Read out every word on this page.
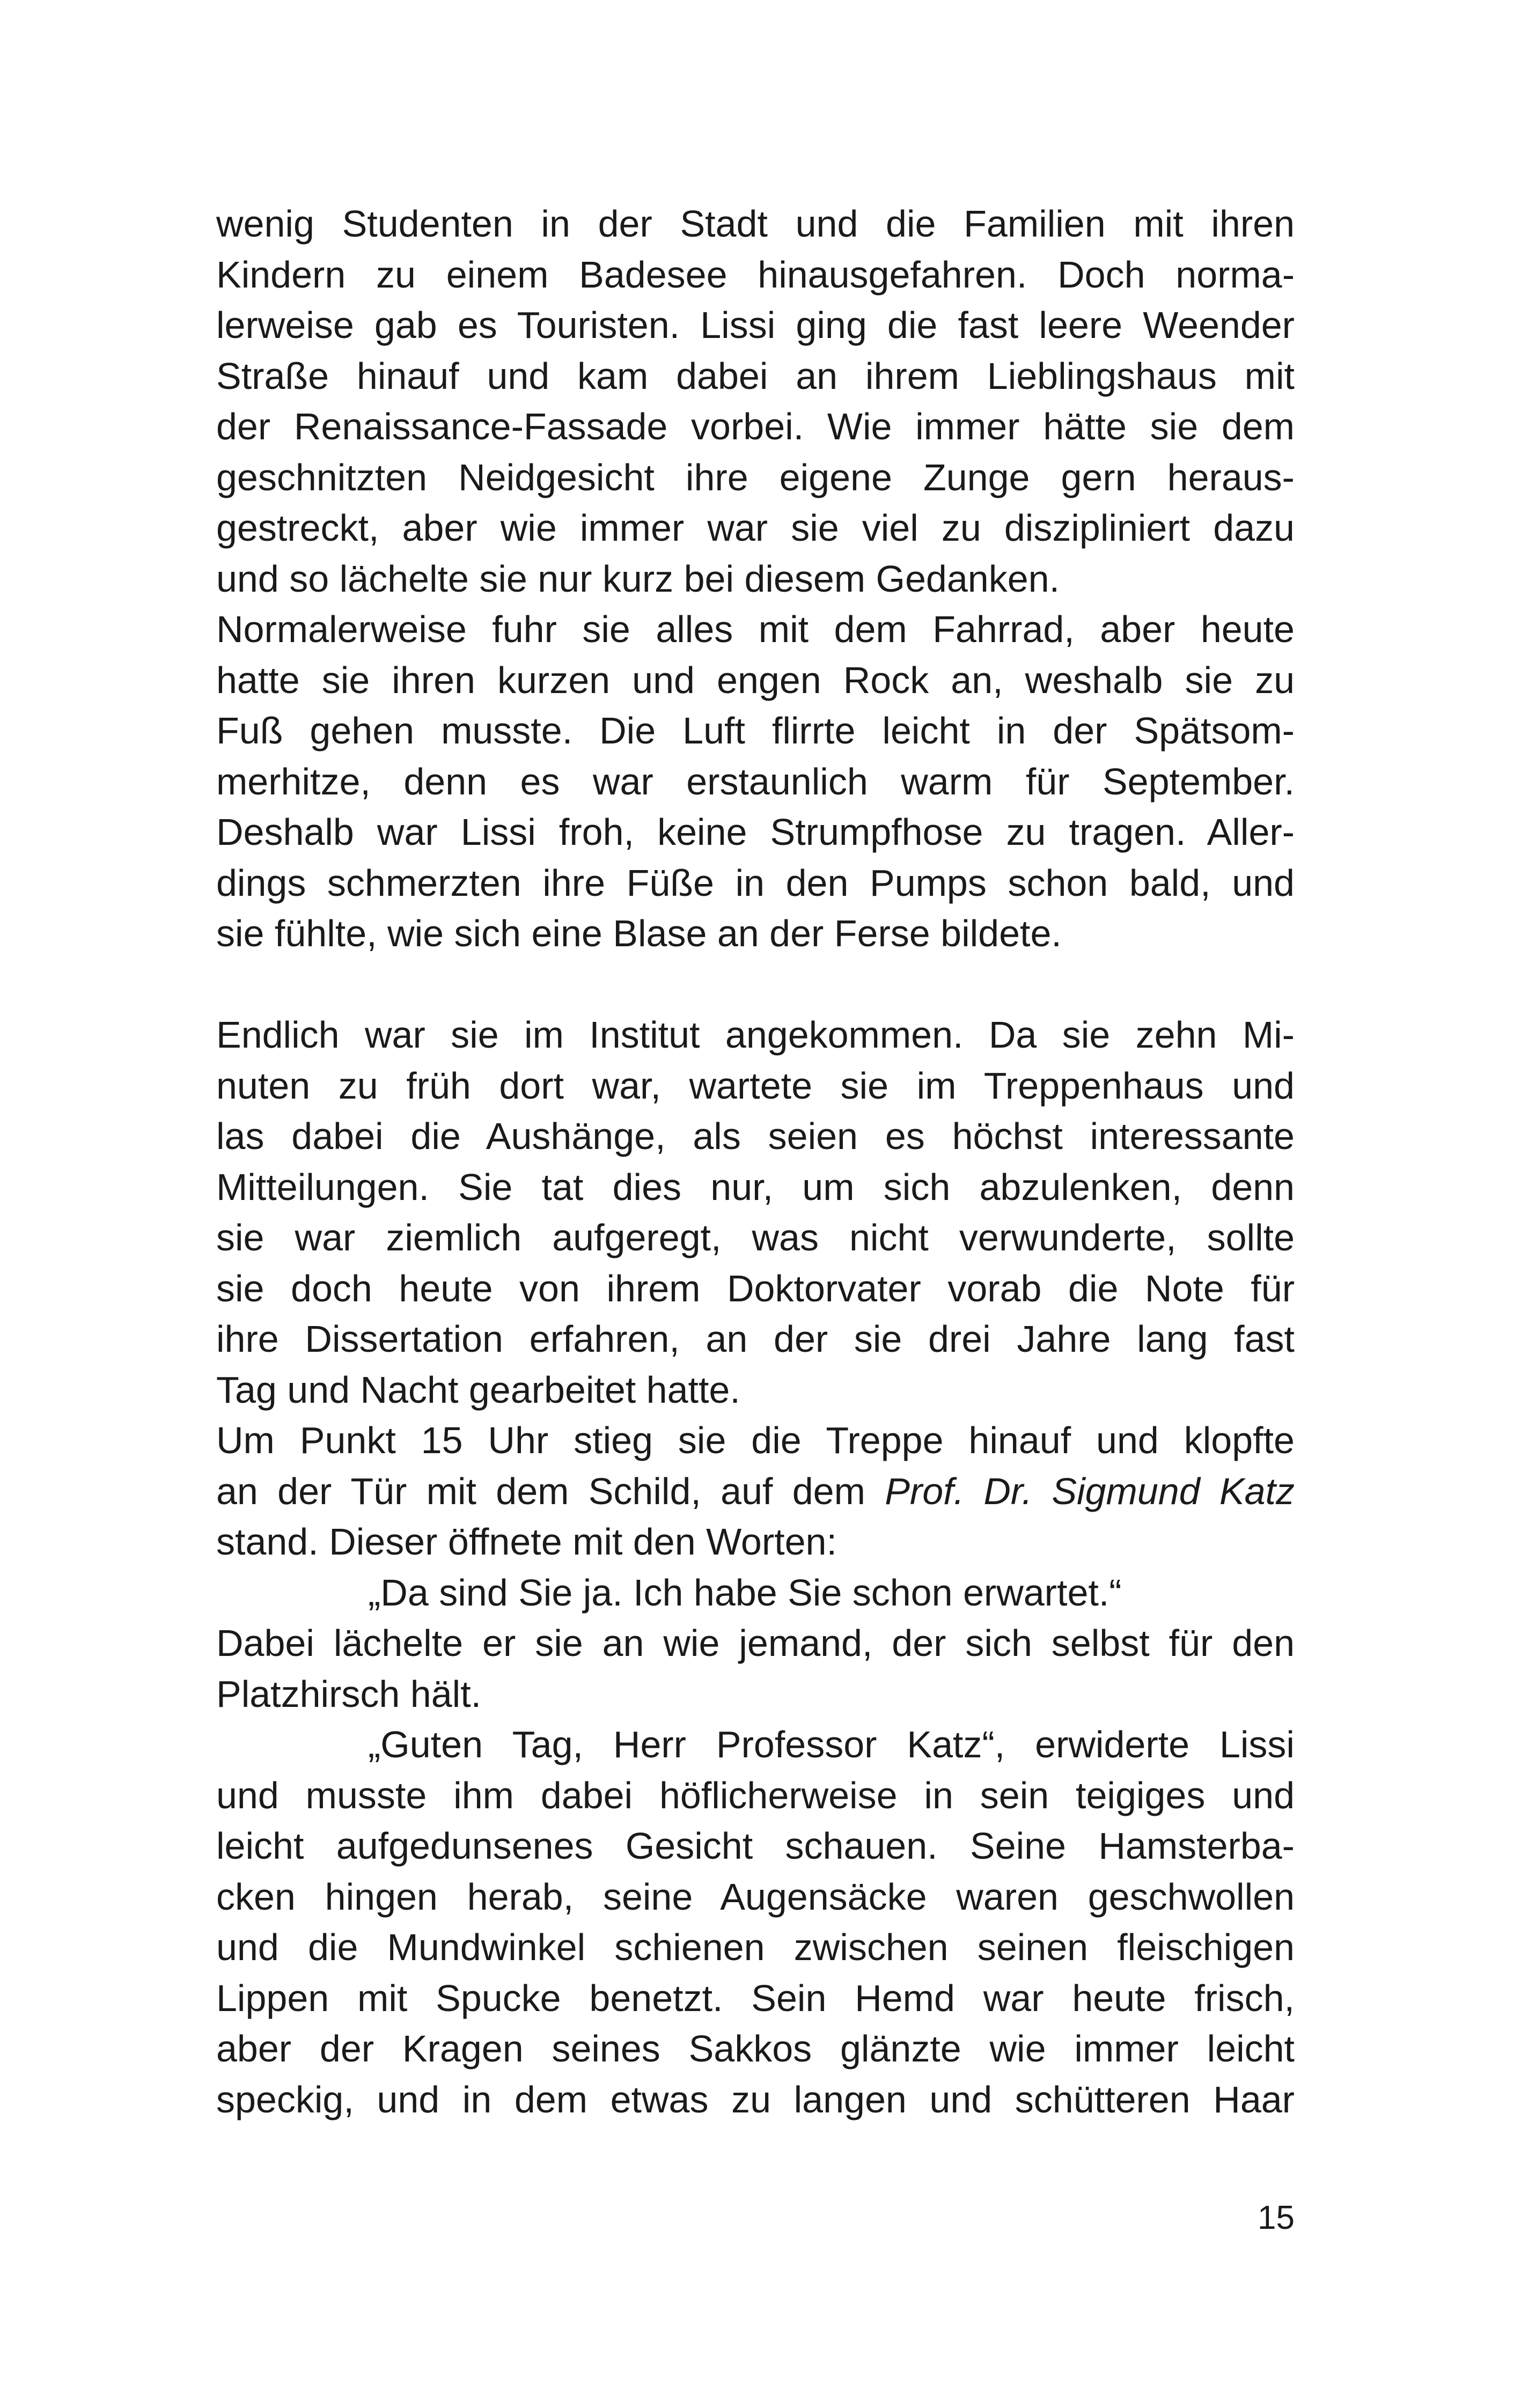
wenig Studenten in der Stadt und die Familien mit ihren
Kindern zu einem Badesee hinausgefahren. Doch norma-
lerweise gab es Touristen. Lissi ging die fast leere Weender
Straße hinauf und kam dabei an ihrem Lieblingshaus mit
der Renaissance-Fassade vorbei. Wie immer hätte sie dem
geschnitzten Neidgesicht ihre eigene Zunge gern heraus-
gestreckt, aber wie immer war sie viel zu diszipliniert dazu
und so lächelte sie nur kurz bei diesem Gedanken.
Normalerweise fuhr sie alles mit dem Fahrrad, aber heute
hatte sie ihren kurzen und engen Rock an, weshalb sie zu
Fuß gehen musste. Die Luft flirrte leicht in der Spätsom-
merhitze, denn es war erstaunlich warm für September.
Deshalb war Lissi froh, keine Strumpfhose zu tragen. Aller-
dings schmerzten ihre Füße in den Pumps schon bald, und
sie fühlte, wie sich eine Blase an der Ferse bildete.
Endlich war sie im Institut angekommen. Da sie zehn Mi-
nuten zu früh dort war, wartete sie im Treppenhaus und
las dabei die Aushänge, als seien es höchst interessante
Mitteilungen. Sie tat dies nur, um sich abzulenken, denn
sie war ziemlich aufgeregt, was nicht verwunderte, sollte
sie doch heute von ihrem Doktorvater vorab die Note für
ihre Dissertation erfahren, an der sie drei Jahre lang fast
Tag und Nacht gearbeitet hatte.
Um Punkt 15 Uhr stieg sie die Treppe hinauf und klopfte
an der Tür mit dem Schild, auf dem Prof. Dr. Sigmund Katz
stand. Dieser öffnete mit den Worten:
„Da sind Sie ja. Ich habe Sie schon erwartet.“
Dabei lächelte er sie an wie jemand, der sich selbst für den
Platzhirsch hält.
„Guten Tag, Herr Professor Katz“, erwiderte Lissi
und musste ihm dabei höflicherweise in sein teigiges und
leicht aufgedunsenes Gesicht schauen. Seine Hamsterba-
cken hingen herab, seine Augensäcke waren geschwollen
und die Mundwinkel schienen zwischen seinen fleischigen
Lippen mit Spucke benetzt. Sein Hemd war heute frisch,
aber der Kragen seines Sakkos glänzte wie immer leicht
speckig, und in dem etwas zu langen und schütteren Haar
15
